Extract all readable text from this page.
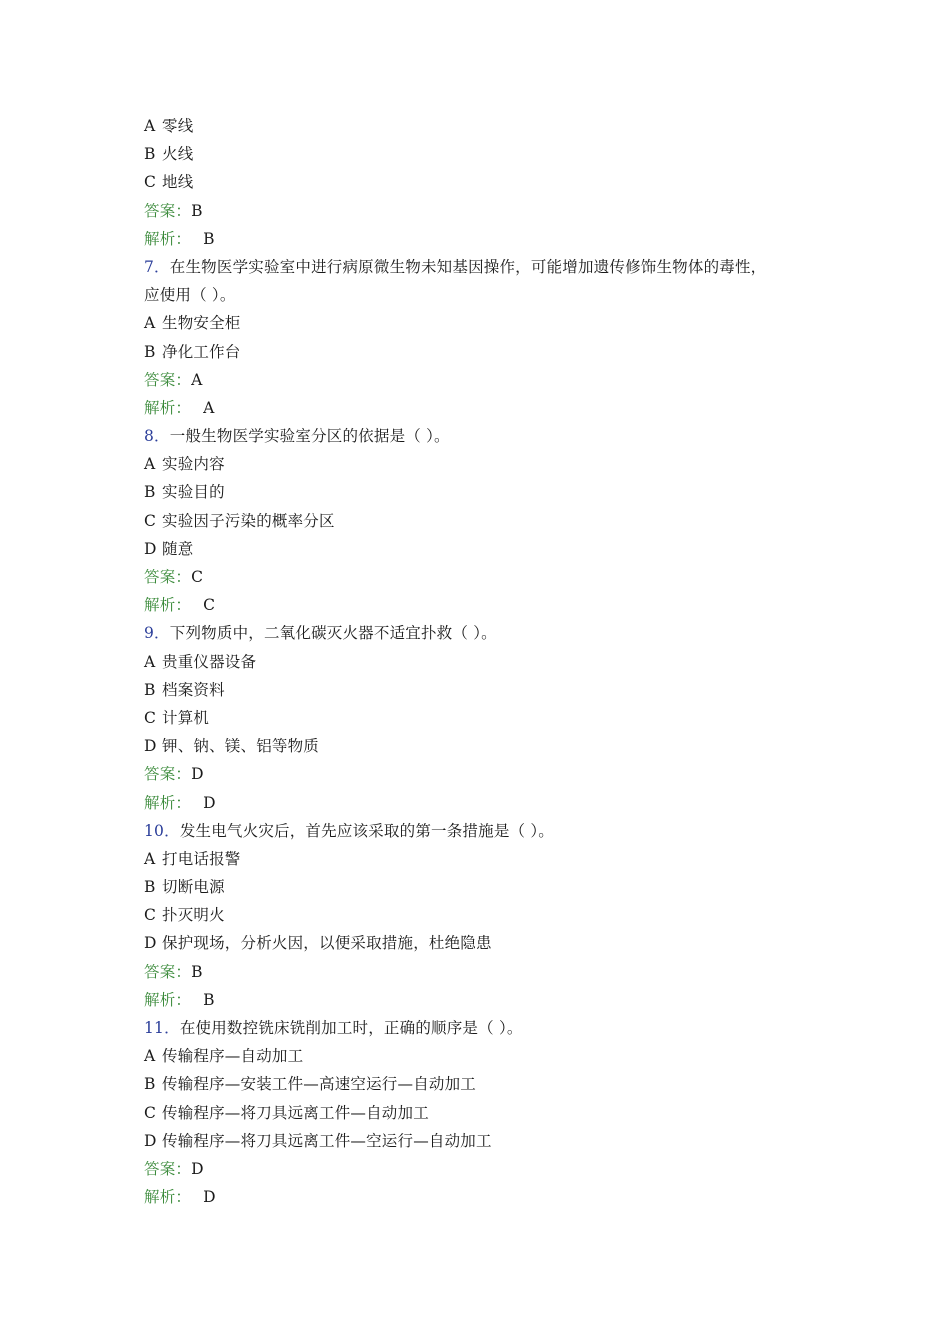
A 零线
B 火线
C 地线
答案：B
解析： B
7．在生物医学实验室中进行病原微生物未知基因操作，可能增加遗传修饰生物体的毒性，
应使用（ ）。
A 生物安全柜
B 净化工作台
答案：A
解析： A
8．一般生物医学实验室分区的依据是（ ）。
A 实验内容
B 实验目的
C 实验因子污染的概率分区
D 随意
答案：C
解析： C
9．下列物质中，二氧化碳灭火器不适宜扑救（ ）。
A 贵重仪器设备
B 档案资料
C 计算机
D 钾、钠、镁、铝等物质
答案：D
解析： D
10．发生电气火灾后，首先应该采取的第一条措施是（ ）。
A 打电话报警
B 切断电源
C 扑灭明火
D 保护现场，分析火因，以便采取措施，杜绝隐患
答案：B
解析： B
11．在使用数控铣床铣削加工时，正确的顺序是（ ）。
A 传输程序—自动加工
B 传输程序—安装工件—高速空运行—自动加工
C 传输程序—将刀具远离工件—自动加工
D 传输程序—将刀具远离工件—空运行—自动加工
答案：D
解析： D
